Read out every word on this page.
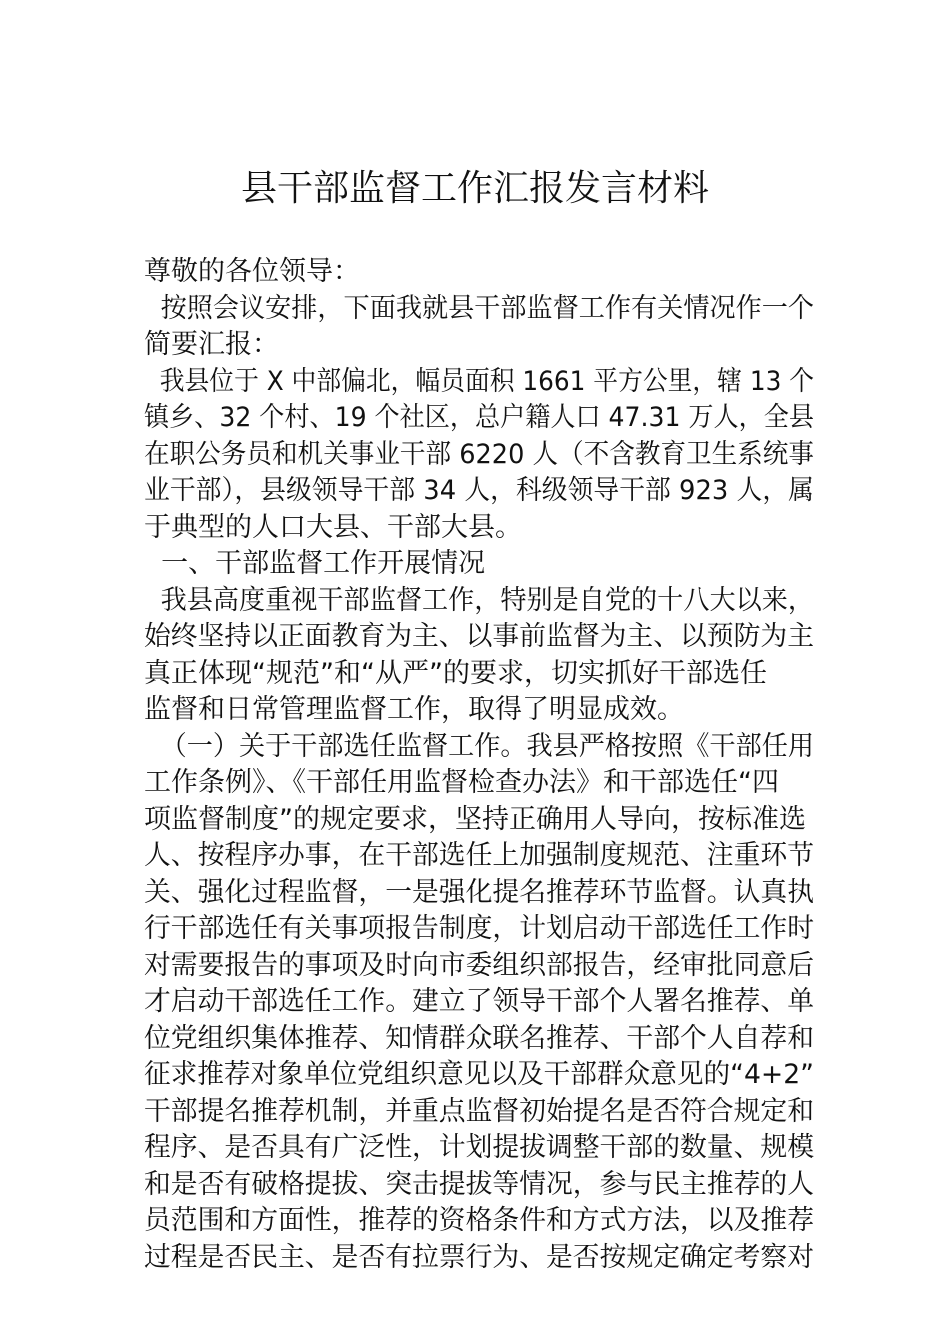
县干部监督工作汇报发言材料
尊敬的各位领导：
按照会议安排，下面我就县干部监督工作有关情况作一个
简要汇报：
我县位于 X 中部偏北，幅员面积 1661 平方公里，辖 13 个
镇乡、32 个村、19 个社区，总户籍人口 47.31 万人，全县
在职公务员和机关事业干部 6220 人（不含教育卫生系统事
业干部），县级领导干部 34 人，科级领导干部 923 人，属
于典型的人口大县、干部大县。
一、干部监督工作开展情况
我县高度重视干部监督工作，特别是自党的十八大以来，
始终坚持以正面教育为主、以事前监督为主、以预防为主
真正体现“规范”和“从严”的要求，切实抓好干部选任
监督和日常管理监督工作，取得了明显成效。
（一）关于干部选任监督工作。我县严格按照《干部任用
工作条例》、《干部任用监督检查办法》和干部选任“四
项监督制度”的规定要求，坚持正确用人导向，按标准选
人、按程序办事，在干部选任上加强制度规范、注重环节
关、强化过程监督，一是强化提名推荐环节监督。认真执
行干部选任有关事项报告制度，计划启动干部选任工作时
对需要报告的事项及时向市委组织部报告，经审批同意后
才启动干部选任工作。建立了领导干部个人署名推荐、单
位党组织集体推荐、知情群众联名推荐、干部个人自荐和
征求推荐对象单位党组织意见以及干部群众意见的“4+2”
干部提名推荐机制，并重点监督初始提名是否符合规定和
程序、是否具有广泛性，计划提拔调整干部的数量、规模
和是否有破格提拔、突击提拔等情况，参与民主推荐的人
员范围和方面性，推荐的资格条件和方式方法，以及推荐
过程是否民主、是否有拉票行为、是否按规定确定考察对
